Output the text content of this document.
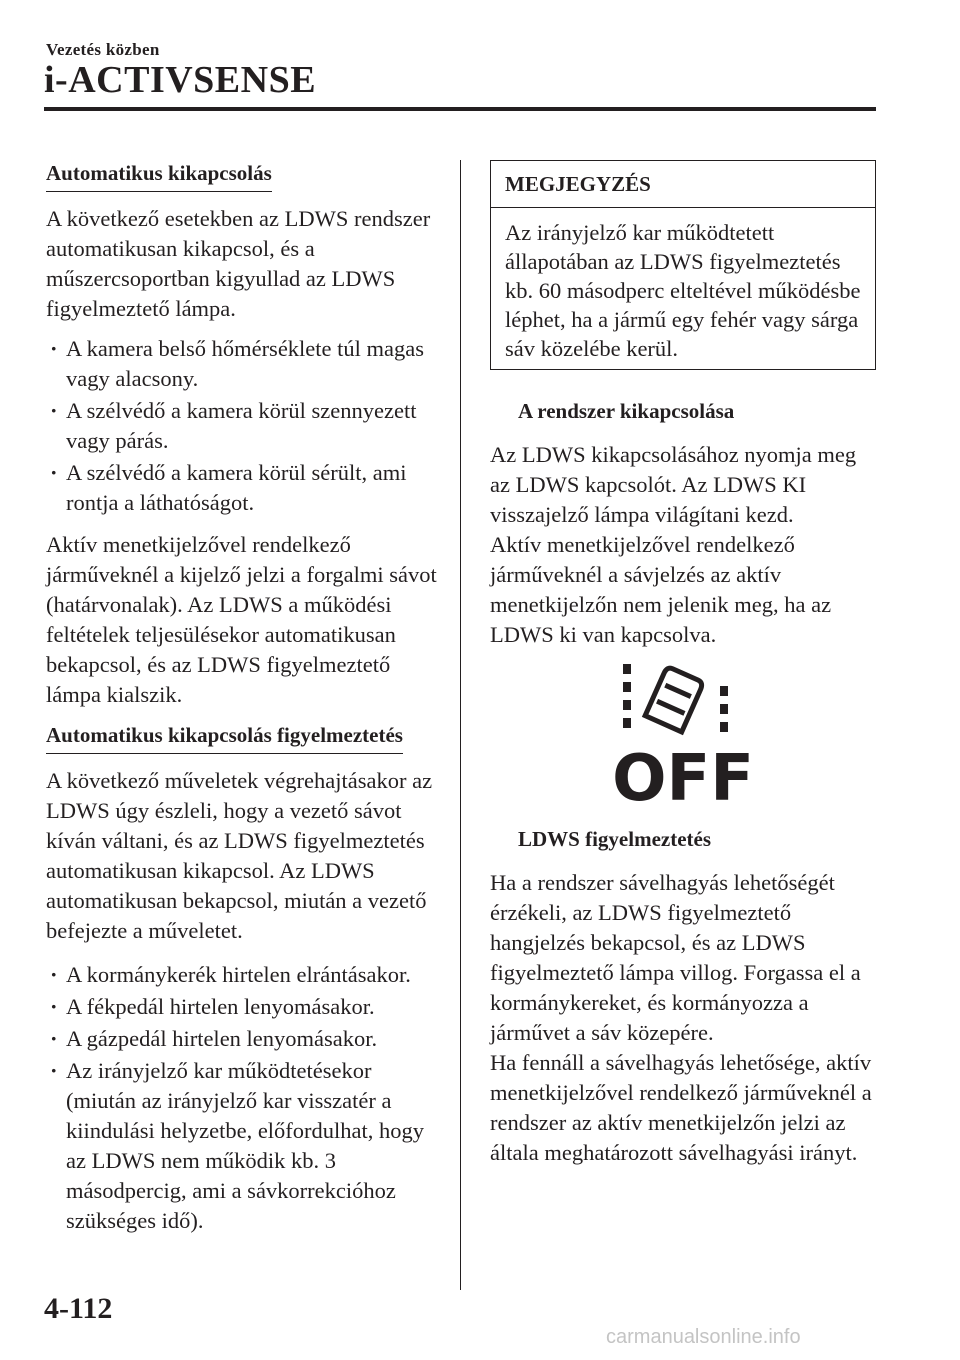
Vezetés közben
i-ACTIVSENSE
Automatikus kikapcsolás

A következő esetekben az LDWS rendszer automatikusan kikapcsol, és a műszercsoportban kigyullad az LDWS figyelmeztető lámpa.

· A kamera belső hőmérséklete túl magas vagy alacsony.
· A szélvédő a kamera körül szennyezett vagy párás.
· A szélvédő a kamera körül sérült, ami rontja a láthatóságot.

Aktív menetkijelzővel rendelkező járműveknél a kijelző jelzi a forgalmi sávot (határvonalak). Az LDWS a működési feltételek teljesülésekor automatikusan bekapcsol, és az LDWS figyelmeztető lámpa kialszik.

Automatikus kikapcsolás figyelmeztetés

A következő műveletek végrehajtásakor az LDWS úgy észleli, hogy a vezető sávot kíván váltani, és az LDWS figyelmeztetés automatikusan kikapcsol. Az LDWS automatikusan bekapcsol, miután a vezető befejezte a műveletet.

· A kormánykerék hirtelen elrántásakor.
· A fékpedál hirtelen lenyomásakor.
· A gázpedál hirtelen lenyomásakor.
· Az irányjelző kar működtetésekor (miután az irányjelző kar visszatér a kiindulási helyzetbe, előfordulhat, hogy az LDWS nem működik kb. 3 másodpercig, ami a sávkorrekcióhoz szükséges idő).
MEGJEGYZÉS
Az irányjelző kar működtetett állapotában az LDWS figyelmeztetés kb. 60 másodperc elteltével működésbe léphet, ha a jármű egy fehér vagy sárga sáv közelébe kerül.
A rendszer kikapcsolása

Az LDWS kikapcsolásához nyomja meg az LDWS kapcsolót. Az LDWS KI visszajelző lámpa világítani kezd.

Aktív menetkijelzővel rendelkező járműveknél a sávjelzés az aktív menetkijelzőn nem jelenik meg, ha az LDWS ki van kapcsolva.

OFF
LDWS figyelmeztetés

Ha a rendszer sávelhagyás lehetőségét érzékeli, az LDWS figyelmeztető hangjelzés bekapcsol, és az LDWS figyelmeztető lámpa villog. Forgassa el a kormánykereket, és kormányozza a járművet a sáv közepére.

Ha fennáll a sávelhagyás lehetősége, aktív menetkijelzővel rendelkező járműveknél a rendszer az aktív menetkijelzőn jelzi az általa meghatározott sávelhagyási irányt.

4-112
carmanualsonline.info
